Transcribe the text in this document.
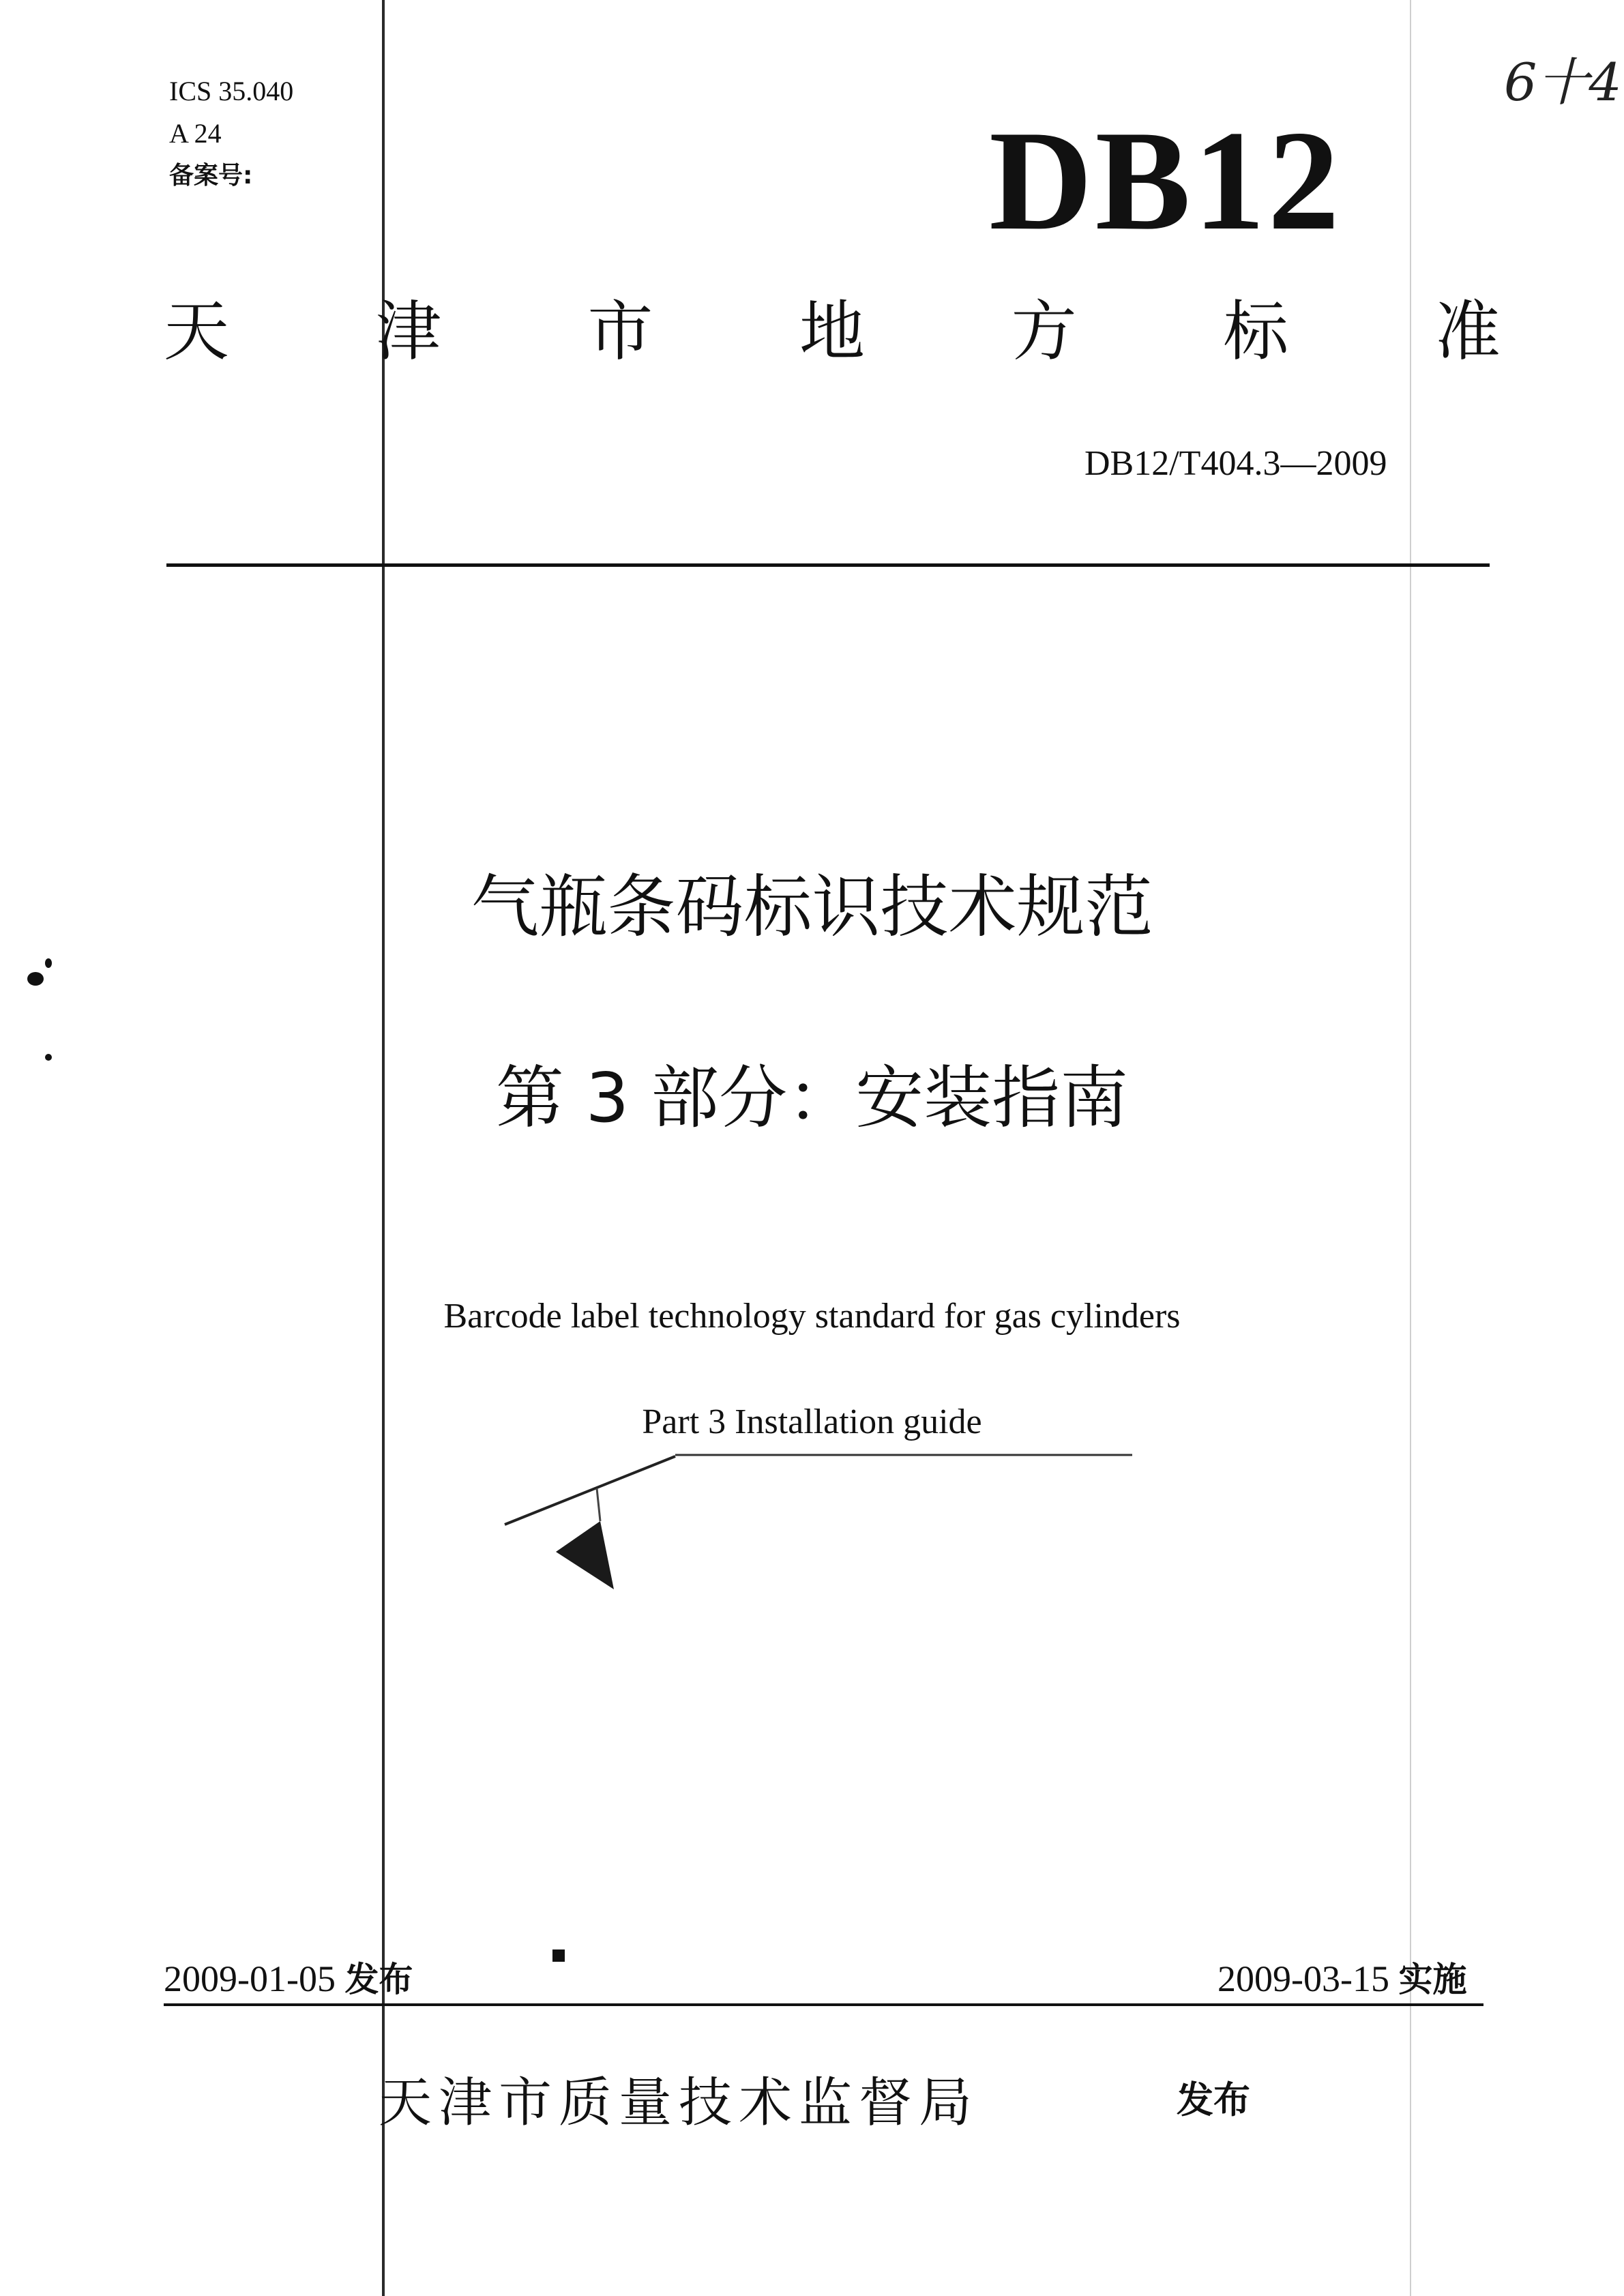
ICS 35.040
A 24
备案号:
6十4
DB12
天 津 市 地 方 标 准
DB12/T404.3—2009
气瓶条码标识技术规范
第 3 部分：安装指南
Barcode label technology standard for gas cylinders
Part 3 Installation guide
2009-01-05 发布	2009-03-15 实施
天津市质量技术监督局	发布
